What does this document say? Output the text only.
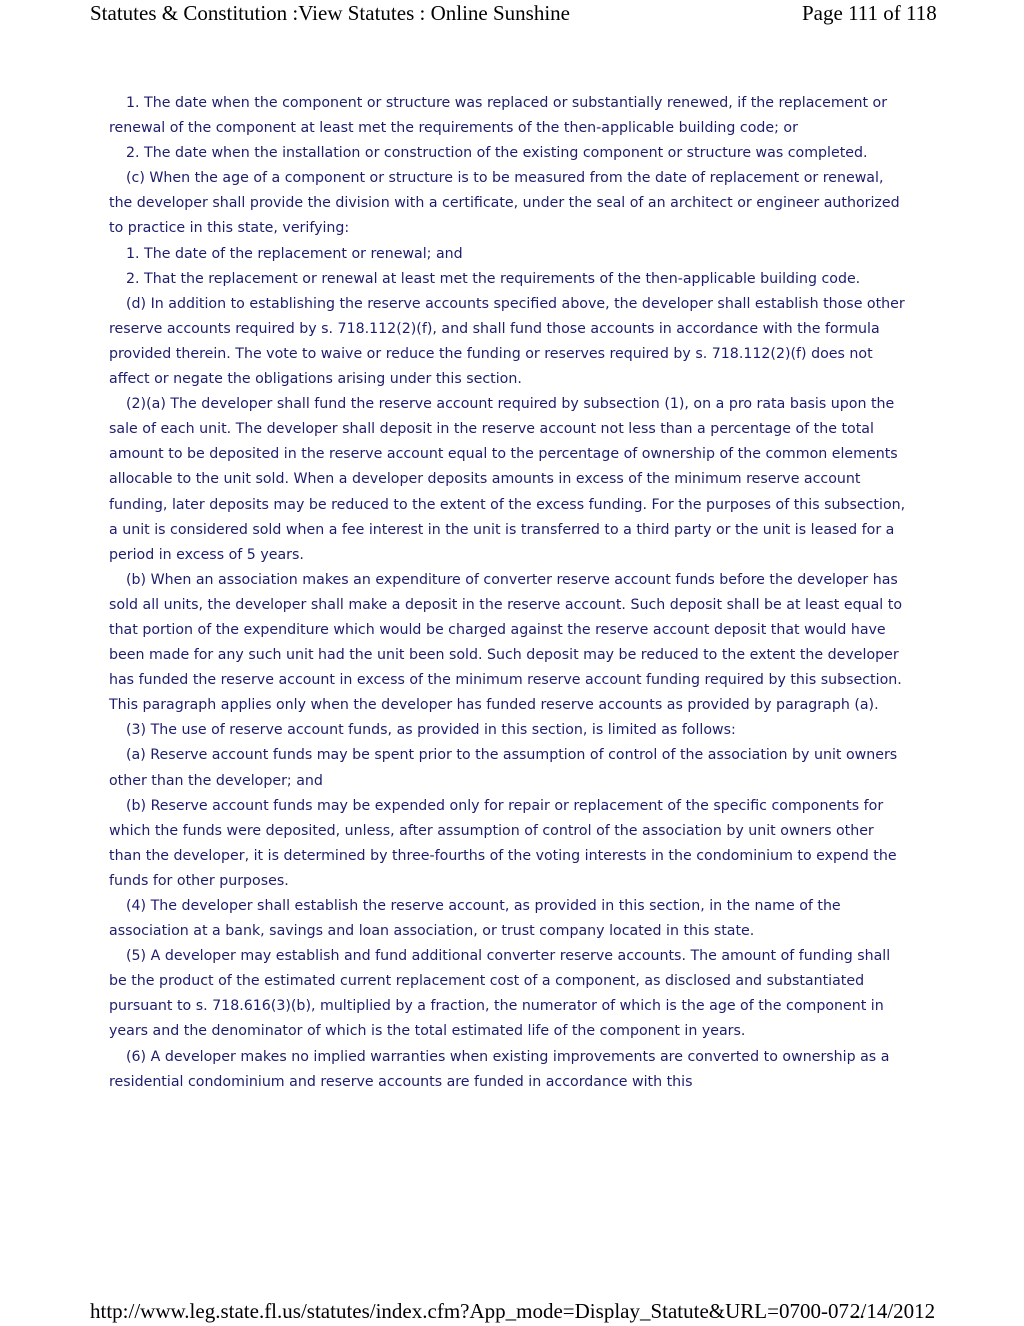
Statutes & Constitution :View Statutes : Online Sunshine	Page 111 of 118

1. The date when the component or structure was replaced or substantially renewed, if the replacement or renewal of the component at least met the requirements of the then-applicable building code; or

2. The date when the installation or construction of the existing component or structure was completed.

(c) When the age of a component or structure is to be measured from the date of replacement or renewal, the developer shall provide the division with a certificate, under the seal of an architect or engineer authorized to practice in this state, verifying:

1. The date of the replacement or renewal; and

2. That the replacement or renewal at least met the requirements of the then-applicable building code.

(d) In addition to establishing the reserve accounts specified above, the developer shall establish those other reserve accounts required by s. 718.112(2)(f), and shall fund those accounts in accordance with the formula provided therein. The vote to waive or reduce the funding or reserves required by s. 718.112(2)(f) does not affect or negate the obligations arising under this section.

(2)(a) The developer shall fund the reserve account required by subsection (1), on a pro rata basis upon the sale of each unit. The developer shall deposit in the reserve account not less than a percentage of the total amount to be deposited in the reserve account equal to the percentage of ownership of the common elements allocable to the unit sold. When a developer deposits amounts in excess of the minimum reserve account funding, later deposits may be reduced to the extent of the excess funding. For the purposes of this subsection, a unit is considered sold when a fee interest in the unit is transferred to a third party or the unit is leased for a period in excess of 5 years.

(b) When an association makes an expenditure of converter reserve account funds before the developer has sold all units, the developer shall make a deposit in the reserve account. Such deposit shall be at least equal to that portion of the expenditure which would be charged against the reserve account deposit that would have been made for any such unit had the unit been sold. Such deposit may be reduced to the extent the developer has funded the reserve account in excess of the minimum reserve account funding required by this subsection. This paragraph applies only when the developer has funded reserve accounts as provided by paragraph (a).

(3) The use of reserve account funds, as provided in this section, is limited as follows:

(a) Reserve account funds may be spent prior to the assumption of control of the association by unit owners other than the developer; and

(b) Reserve account funds may be expended only for repair or replacement of the specific components for which the funds were deposited, unless, after assumption of control of the association by unit owners other than the developer, it is determined by three-fourths of the voting interests in the condominium to expend the funds for other purposes.

(4) The developer shall establish the reserve account, as provided in this section, in the name of the association at a bank, savings and loan association, or trust company located in this state.

(5) A developer may establish and fund additional converter reserve accounts. The amount of funding shall be the product of the estimated current replacement cost of a component, as disclosed and substantiated pursuant to s. 718.616(3)(b), multiplied by a fraction, the numerator of which is the age of the component in years and the denominator of which is the total estimated life of the component in years.

(6) A developer makes no implied warranties when existing improvements are converted to ownership as a residential condominium and reserve accounts are funded in accordance with this

http://www.leg.state.fl.us/statutes/index.cfm?App_mode=Display_Statute&URL=0700-07...
2/14/2012
